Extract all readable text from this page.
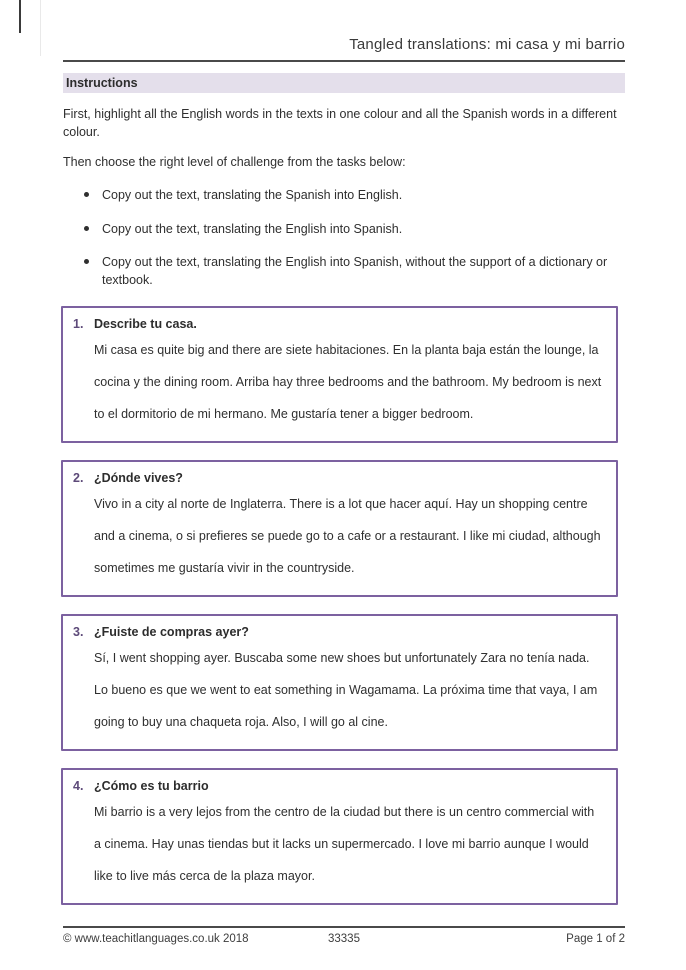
Tangled translations: mi casa y mi barrio
Instructions

First, highlight all the English words in the texts in one colour and all the Spanish words in a different colour.

Then choose the right level of challenge from the tasks below:

Copy out the text, translating the Spanish into English.
Copy out the text, translating the English into Spanish.
Copy out the text, translating the English into Spanish, without the support of a dictionary or textbook.
1. Describe tu casa.

Mi casa es quite big and there are siete habitaciones. En la planta baja están the lounge, la cocina y the dining room. Arriba hay three bedrooms and the bathroom. My bedroom is next to el dormitorio de mi hermano. Me gustaría tener a bigger bedroom.

2. ¿Dónde vives?

Vivo in a city al norte de Inglaterra. There is a lot que hacer aquí. Hay un shopping centre and a cinema, o si prefieres se puede go to a cafe or a restaurant. I like mi ciudad, although sometimes me gustaría vivir in the countryside.

3. ¿Fuiste de compras ayer?

Sí, I went shopping ayer. Buscaba some new shoes but unfortunately Zara no tenía nada. Lo bueno es que we went to eat something in Wagamama. La próxima time that vaya, I am going to buy una chaqueta roja. Also, I will go al cine.

4. ¿Cómo es tu barrio

Mi barrio is a very lejos from the centro de la ciudad but there is un centro commercial with a cinema. Hay unas tiendas but it lacks un supermercado. I love mi barrio aunque I would like to live más cerca de la plaza mayor.

© www.teachitlanguages.co.uk 2018	33335	Page 1 of 2
